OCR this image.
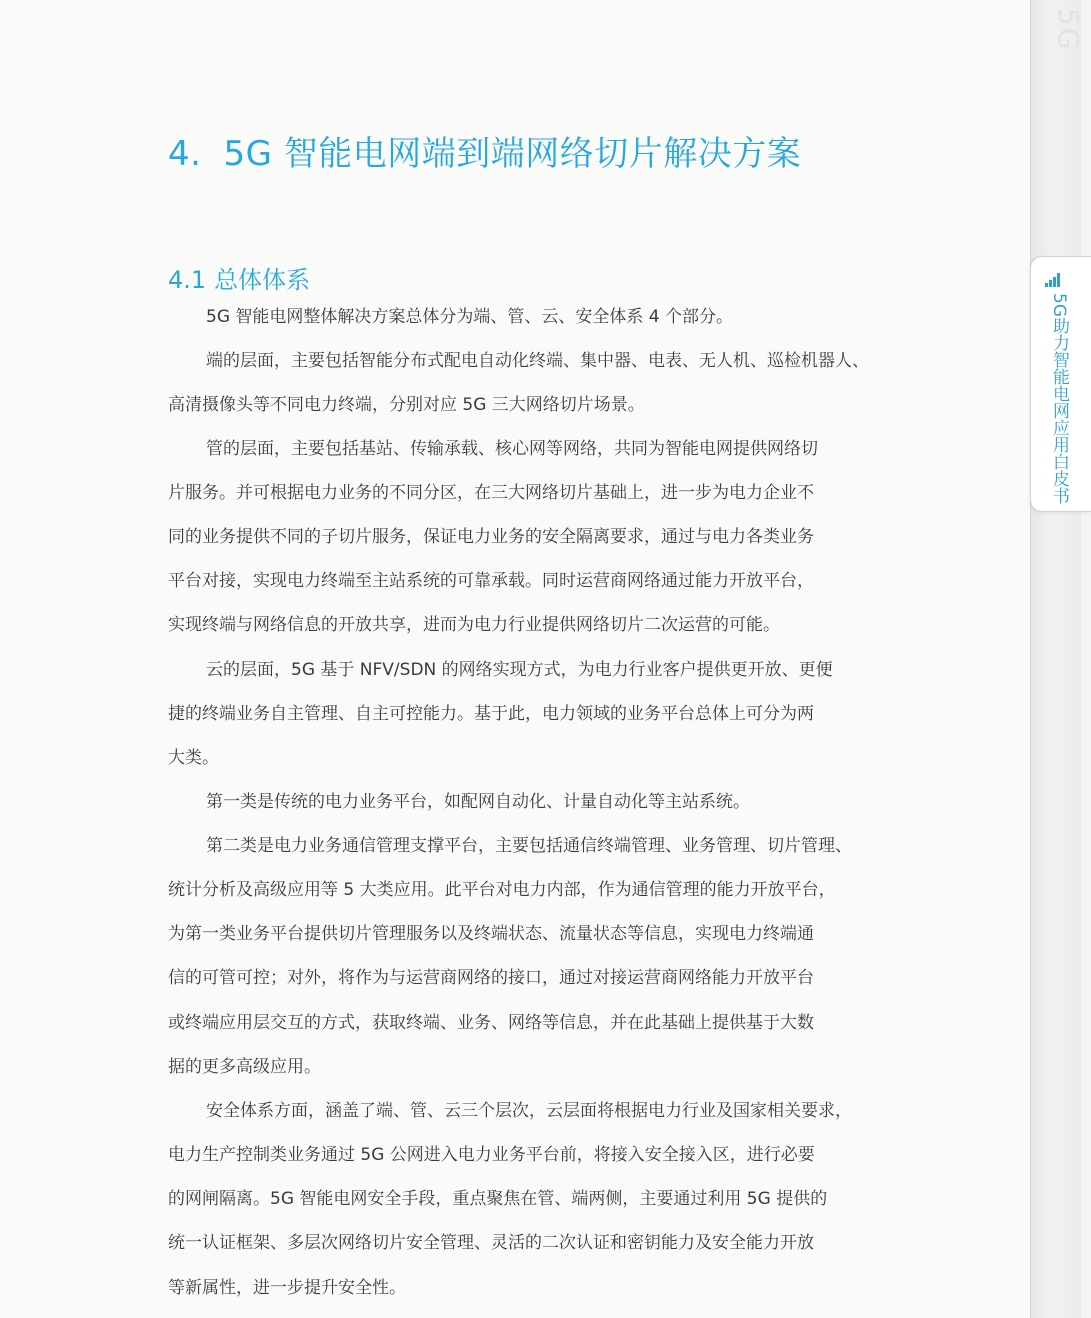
4. 5G 智能电网端到端网络切片解决方案
4.1 总体体系

5G 智能电网整体解决方案总体分为端、管、云、安全体系 4 个部分。

端的层面，主要包括智能分布式配电自动化终端、集中器、电表、无人机、巡检机器人、

高清摄像头等不同电力终端，分别对应 5G 三大网络切片场景。

管的层面，主要包括基站、传输承载、核心网等网络，共同为智能电网提供网络切

片服务。并可根据电力业务的不同分区，在三大网络切片基础上，进一步为电力企业不

同的业务提供不同的子切片服务，保证电力业务的安全隔离要求，通过与电力各类业务

平台对接，实现电力终端至主站系统的可靠承载。同时运营商网络通过能力开放平台，

实现终端与网络信息的开放共享，进而为电力行业提供网络切片二次运营的可能。

云的层面，5G 基于 NFV/SDN 的网络实现方式，为电力行业客户提供更开放、更便

捷的终端业务自主管理、自主可控能力。基于此，电力领域的业务平台总体上可分为两

大类。

第一类是传统的电力业务平台，如配网自动化、计量自动化等主站系统。

第二类是电力业务通信管理支撑平台，主要包括通信终端管理、业务管理、切片管理、

统计分析及高级应用等 5 大类应用。此平台对电力内部，作为通信管理的能力开放平台，

为第一类业务平台提供切片管理服务以及终端状态、流量状态等信息，实现电力终端通

信的可管可控；对外，将作为与运营商网络的接口，通过对接运营商网络能力开放平台

或终端应用层交互的方式，获取终端、业务、网络等信息，并在此基础上提供基于大数

据的更多高级应用。

安全体系方面，涵盖了端、管、云三个层次，云层面将根据电力行业及国家相关要求，

电力生产控制类业务通过 5G 公网进入电力业务平台前，将接入安全接入区，进行必要

的网闸隔离。5G 智能电网安全手段，重点聚焦在管、端两侧，主要通过利用 5G 提供的

统一认证框架、多层次网络切片安全管理、灵活的二次认证和密钥能力及安全能力开放

等新属性，进一步提升安全性。

5G
5G助力智能电网应用白皮书
